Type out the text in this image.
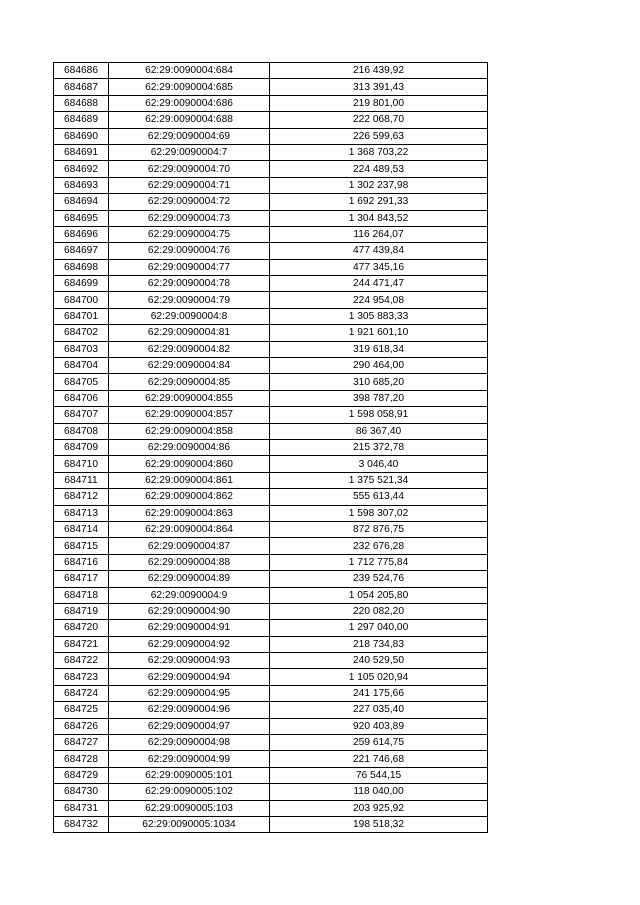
684686	62:29:0090004:684	216 439,92
684687	62:29:0090004:685	313 391,43
684688	62:29:0090004:686	219 801,00
684689	62:29:0090004:688	222 068,70
684690	62:29:0090004:69	226 599,63
684691	62:29:0090004:7	1 368 703,22
684692	62:29:0090004:70	224 489,53
684693	62:29:0090004:71	1 302 237,98
684694	62:29:0090004:72	1 692 291,33
684695	62:29:0090004:73	1 304 843,52
684696	62:29:0090004:75	116 264,07
684697	62:29:0090004:76	477 439,84
684698	62:29:0090004:77	477 345,16
684699	62:29:0090004:78	244 471,47
684700	62:29:0090004:79	224 954,08
684701	62:29:0090004:8	1 305 883,33
684702	62:29:0090004:81	1 921 601,10
684703	62:29:0090004:82	319 618,34
684704	62:29:0090004:84	290 464,00
684705	62:29:0090004:85	310 685,20
684706	62:29:0090004:855	398 787,20
684707	62:29:0090004:857	1 598 058,91
684708	62:29:0090004:858	86 367,40
684709	62:29:0090004:86	215 372,78
684710	62:29:0090004:860	3 046,40
684711	62:29:0090004:861	1 375 521,34
684712	62:29:0090004:862	555 613,44
684713	62:29:0090004:863	1 598 307,02
684714	62:29:0090004:864	872 876,75
684715	62:29:0090004:87	232 676,28
684716	62:29:0090004:88	1 712 775,84
684717	62:29:0090004:89	239 524,76
684718	62:29:0090004:9	1 054 205,80
684719	62:29:0090004:90	220 082,20
684720	62:29:0090004:91	1 297 040,00
684721	62:29:0090004:92	218 734,83
684722	62:29:0090004:93	240 529,50
684723	62:29:0090004:94	1 105 020,94
684724	62:29:0090004:95	241 175,66
684725	62:29:0090004:96	227 035,40
684726	62:29:0090004:97	920 403,89
684727	62:29:0090004:98	259 614,75
684728	62:29:0090004:99	221 746,68
684729	62:29:0090005:101	76 544,15
684730	62:29:0090005:102	118 040,00
684731	62:29:0090005:103	203 925,92
684732	62:29:0090005:1034	198 518,32
